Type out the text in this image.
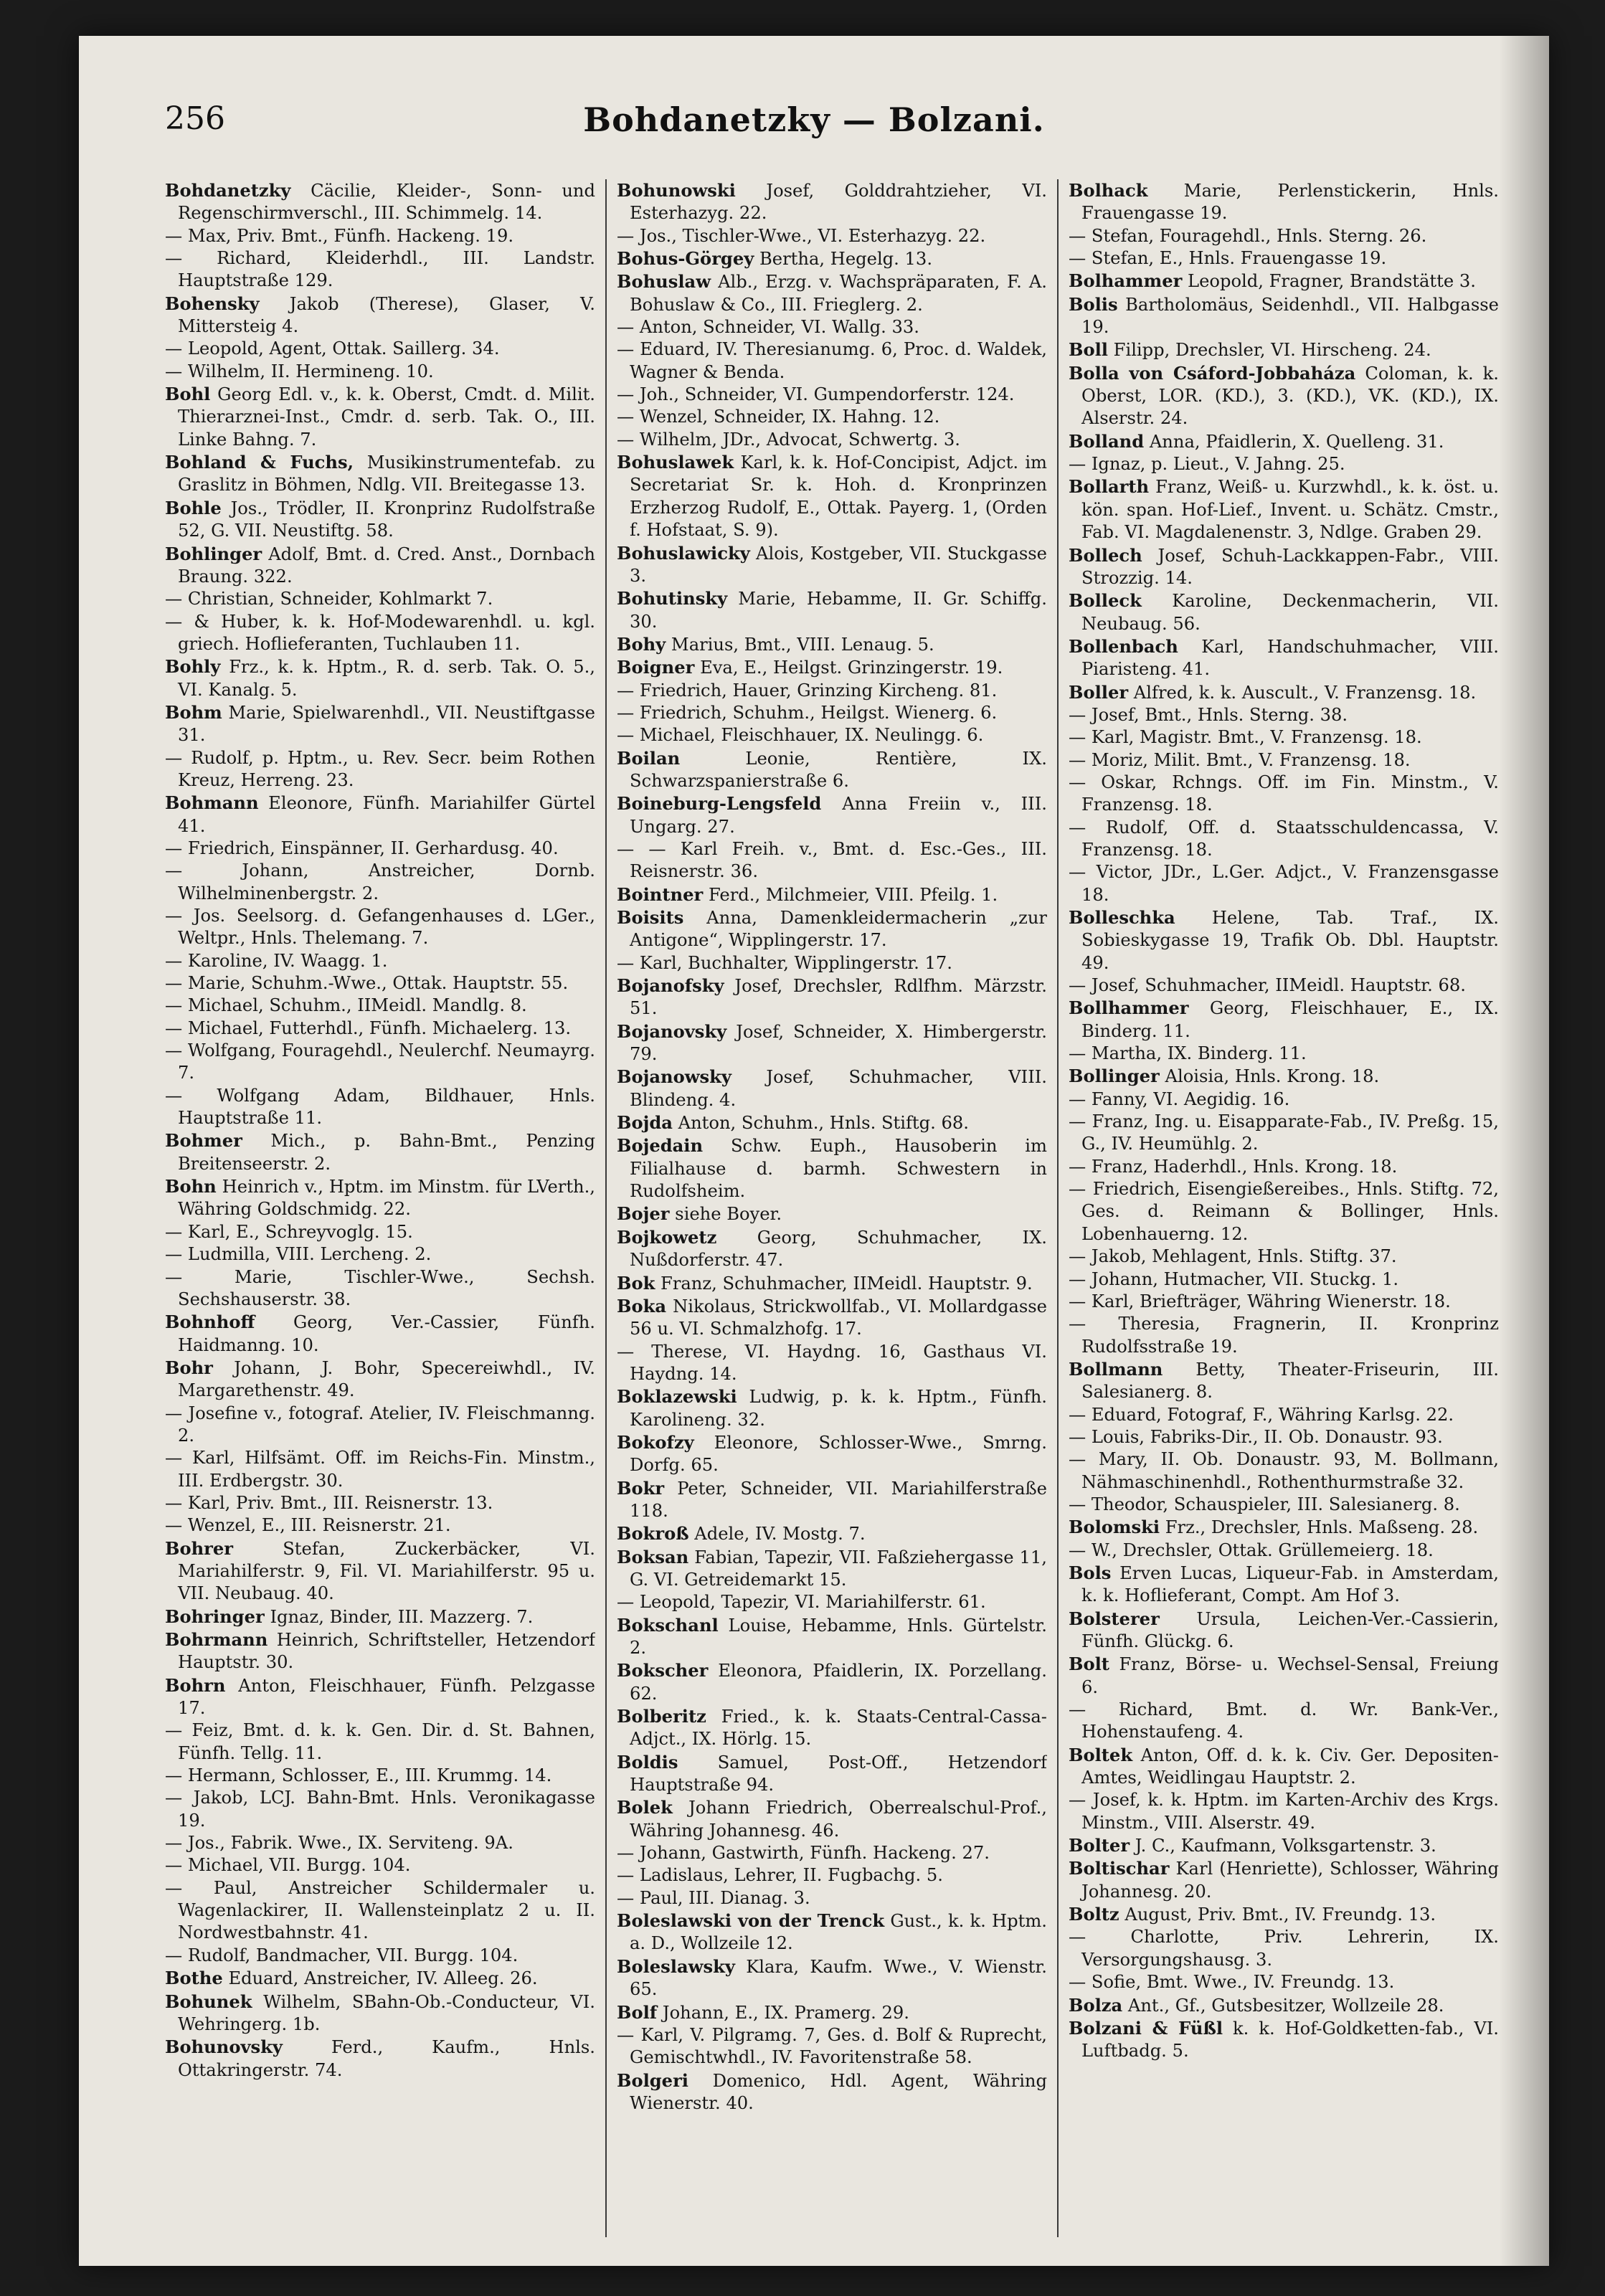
256	Bohdanetzky — Bolzani.

Bohdanetzky Cäcilie, Kleider-, Sonn- und Regenschirmverschl., III. Schimmelg. 14.

— Max, Priv. Bmt., Fünfh. Hackeng. 19.

— Richard, Kleiderhdl., III. Landstr. Hauptstraße 129.

Bohensky Jakob (Therese), Glaser, V. Mittersteig 4.

— Leopold, Agent, Ottak. Saillerg. 34.

— Wilhelm, II. Hermineng. 10.

Bohl Georg Edl. v., k. k. Oberst, Cmdt. d. Milit. Thierarznei-Inst., Cmdr. d. serb. Tak. O., III. Linke Bahng. 7.

Bohland & Fuchs, Musikinstrumentefab. zu Graslitz in Böhmen, Ndlg. VII. Breitegasse 13.

Bohle Jos., Trödler, II. Kronprinz Rudolfstraße 52, G. VII. Neustiftg. 58.

Bohlinger Adolf, Bmt. d. Cred. Anst., Dornbach Braung. 322.

— Christian, Schneider, Kohlmarkt 7.

— & Huber, k. k. Hof-Modewarenhdl. u. kgl. griech. Hoflieferanten, Tuchlauben 11.

Bohly Frz., k. k. Hptm., R. d. serb. Tak. O. 5., VI. Kanalg. 5.

Bohm Marie, Spielwarenhdl., VII. Neustiftgasse 31.

— Rudolf, p. Hptm., u. Rev. Secr. beim Rothen Kreuz, Herreng. 23.

Bohmann Eleonore, Fünfh. Mariahilfer Gürtel 41.

— Friedrich, Einspänner, II. Gerhardusg. 40.

— Johann, Anstreicher, Dornb. Wilhelminenbergstr. 2.

— Jos. Seelsorg. d. Gefangenhauses d. LGer., Weltpr., Hnls. Thelemang. 7.

— Karoline, IV. Waagg. 1.

— Marie, Schuhm.-Wwe., Ottak. Hauptstr. 55.

— Michael, Schuhm., IIMeidl. Mandlg. 8.

— Michael, Futterhdl., Fünfh. Michaelerg. 13.

— Wolfgang, Fouragehdl., Neulerchf. Neumayrg. 7.

— Wolfgang Adam, Bildhauer, Hnls. Hauptstraße 11.

Bohmer Mich., p. Bahn-Bmt., Penzing Breitenseerstr. 2.

Bohn Heinrich v., Hptm. im Minstm. für LVerth., Währing Goldschmidg. 22.

— Karl, E., Schreyvoglg. 15.

— Ludmilla, VIII. Lercheng. 2.

— Marie, Tischler-Wwe., Sechsh. Sechshauserstr. 38.

Bohnhoff Georg, Ver.-Cassier, Fünfh. Haidmanng. 10.

Bohr Johann, J. Bohr, Specereiwhdl., IV. Margarethenstr. 49.

— Josefine v., fotograf. Atelier, IV. Fleischmanng. 2.

— Karl, Hilfsämt. Off. im Reichs-Fin. Minstm., III. Erdbergstr. 30.

— Karl, Priv. Bmt., III. Reisnerstr. 13.

— Wenzel, E., III. Reisnerstr. 21.

Bohrer	Stefan, Zuckerbäcker, VI. Mariahilferstr. 9, Fil. VI. Mariahilferstr. 95 u. VII. Neubaug. 40.

Bohringer Ignaz, Binder, III. Mazzerg. 7.

Bohrmann Heinrich, Schriftsteller, Hetzendorf Hauptstr. 30.

Bohrn Anton, Fleischhauer, Fünfh. Pelzgasse 17.

— Feiz, Bmt. d. k. k. Gen. Dir. d. St. Bahnen, Fünfh. Tellg. 11.

— Hermann, Schlosser, E., III. Krummg. 14.

— Jakob, LCJ. Bahn-Bmt. Hnls. Veronikagasse 19.

— Jos., Fabrik. Wwe., IX. Serviteng. 9A.

— Michael, VII. Burgg. 104.

— Paul, Anstreicher Schildermaler u. Wagenlackirer, II. Wallensteinplatz 2 u. II. Nordwestbahnstr. 41.

— Rudolf, Bandmacher, VII. Burgg. 104.

Bothe Eduard, Anstreicher, IV. Alleeg. 26.

Bohunek Wilhelm, SBahn-Ob.-Conducteur, VI. Wehringerg. 1b.

Bohunovsky	Ferd., Kaufm., Hnls. Ottakringerstr. 74.

Bohunowski Josef, Golddrahtzieher, VI. Esterhazyg. 22.

— Jos., Tischler-Wwe., VI. Esterhazyg. 22.

Bohus-Görgey Bertha, Hegelg. 13.

Bohuslaw Alb., Erzg. v. Wachspräparaten, F. A. Bohuslaw & Co., III. Frieglerg. 2.

— Anton, Schneider, VI. Wallg. 33.

— Eduard, IV. Theresianumg. 6, Proc. d. Waldek, Wagner & Benda.

— Joh., Schneider, VI. Gumpendorferstr. 124.

— Wenzel, Schneider, IX. Hahng. 12.

— Wilhelm, JDr., Advocat, Schwertg. 3.

Bohuslawek Karl, k. k. Hof-Concipist, Adjct. im Secretariat Sr. k. Hoh. d. Kronprinzen Erzherzog Rudolf, E., Ottak. Payerg. 1, (Orden f. Hofstaat, S. 9).

Bohuslawicky Alois, Kostgeber, VII. Stuckgasse 3.

Bohutinsky Marie, Hebamme, II. Gr. Schiffg. 30.

Bohy Marius, Bmt., VIII. Lenaug. 5.

Boigner Eva, E., Heilgst. Grinzingerstr. 19.

— Friedrich, Hauer, Grinzing Kircheng. 81.

— Friedrich, Schuhm., Heilgst. Wienerg. 6.

— Michael, Fleischhauer, IX. Neulingg. 6.

Boilan	Leonie, Rentière, IX. Schwarzspanierstraße 6.

Boineburg-Lengsfeld Anna Freiin v., III. Ungarg. 27.

— — Karl Freih. v., Bmt. d. Esc.-Ges., III. Reisnerstr. 36.

Bointner Ferd., Milchmeier, VIII. Pfeilg. 1.

Boisits Anna, Damenkleidermacherin „zur Antigone“, Wipplingerstr. 17.

— Karl, Buchhalter, Wipplingerstr. 17.

Bojanofsky Josef, Drechsler, Rdlfhm. Märzstr. 51.

Bojanovsky Josef, Schneider, X. Himbergerstr. 79.

Bojanowsky Josef, Schuhmacher, VIII. Blindeng. 4.

Bojda Anton, Schuhm., Hnls. Stiftg. 68.

Bojedain Schw. Euph., Hausoberin im Filialhause d. barmh. Schwestern in Rudolfsheim.

Bojer siehe Boyer.

Bojkowetz Georg, Schuhmacher, IX. Nußdorferstr. 47.

Bok Franz, Schuhmacher, IIMeidl. Hauptstr. 9.

Boka Nikolaus, Strickwollfab., VI. Mollardgasse 56 u. VI. Schmalzhofg. 17.

— Therese, VI. Haydng. 16, Gasthaus VI. Haydng. 14.

Boklazewski Ludwig, p. k. k. Hptm., Fünfh. Karolineng. 32.

Bokofzy Eleonore, Schlosser-Wwe., Smrng. Dorfg. 65.

Bokr Peter, Schneider, VII. Mariahilferstraße 118.

Bokroß Adele, IV. Mostg. 7.

Boksan Fabian, Tapezir, VII. Faßziehergasse 11, G. VI. Getreidemarkt 15.

— Leopold, Tapezir, VI. Mariahilferstr. 61.

Bokschanl Louise, Hebamme, Hnls. Gürtelstr. 2.

Bokscher Eleonora, Pfaidlerin, IX. Porzellang. 62.

Bolberitz Fried., k. k. Staats-Central-Cassa-Adjct., IX. Hörlg. 15.

Boldis Samuel, Post-Off., Hetzendorf Hauptstraße 94.

Bolek Johann Friedrich, Oberrealschul-Prof., Währing Johannesg. 46.

— Johann, Gastwirth, Fünfh. Hackeng. 27.

— Ladislaus, Lehrer, II. Fugbachg. 5.

— Paul, III. Dianag. 3.

Boleslawski von der Trenck Gust., k. k. Hptm. a. D., Wollzeile 12.

Boleslawsky Klara, Kaufm. Wwe., V. Wienstr. 65.

Bolf Johann, E., IX. Pramerg. 29.

— Karl, V. Pilgramg. 7, Ges. d. Bolf & Ruprecht, Gemischtwhdl., IV. Favoritenstraße 58.

Bolgeri Domenico, Hdl. Agent, Währing Wienerstr. 40.

Bolhack Marie, Perlenstickerin, Hnls. Frauengasse 19.

— Stefan, Fouragehdl., Hnls. Sterng. 26.

— Stefan, E., Hnls. Frauengasse 19.

Bolhammer Leopold, Fragner, Brandstätte 3.

Bolis Bartholomäus, Seidenhdl., VII. Halbgasse 19.

Boll Filipp, Drechsler, VI. Hirscheng. 24.

Bolla von Csáford-Jobbaháza Coloman, k. k. Oberst, LOR. (KD.), 3. (KD.), VK. (KD.), IX. Alserstr. 24.

Bolland Anna, Pfaidlerin, X. Quelleng. 31.

— Ignaz, p. Lieut., V. Jahng. 25.

Bollarth Franz, Weiß- u. Kurzwhdl., k. k. öst. u. kön. span. Hof-Lief., Invent. u. Schätz. Cmstr., Fab. VI. Magdalenenstr. 3, Ndlge. Graben 29.

Bollech Josef, Schuh-Lackkappen-Fabr., VIII. Strozzig. 14.

Bolleck Karoline, Deckenmacherin, VII. Neubaug. 56.

Bollenbach Karl, Handschuhmacher, VIII. Piaristeng. 41.

Boller Alfred, k. k. Auscult., V. Franzensg. 18.

— Josef, Bmt., Hnls. Sterng. 38.

— Karl, Magistr. Bmt., V. Franzensg. 18.

— Moriz, Milit. Bmt., V. Franzensg. 18.

— Oskar, Rchngs. Off. im Fin. Minstm., V. Franzensg. 18.

— Rudolf, Off. d. Staatsschuldencassa, V. Franzensg. 18.

— Victor, JDr., L.Ger. Adjct., V. Franzensgasse 18.

Bolleschka Helene, Tab. Traf., IX. Sobieskygasse 19, Trafik Ob. Dbl. Hauptstr. 49.

— Josef, Schuhmacher, IIMeidl. Hauptstr. 68.

Bollhammer Georg, Fleischhauer, E., IX. Binderg. 11.

— Martha, IX. Binderg. 11.

Bollinger Aloisia, Hnls. Krong. 18.

— Fanny, VI. Aegidig. 16.

— Franz, Ing. u. Eisapparate-Fab., IV. Preßg. 15, G., IV. Heumühlg. 2.

— Franz, Haderhdl., Hnls. Krong. 18.

— Friedrich, Eisengießereibes., Hnls. Stiftg. 72, Ges. d. Reimann & Bollinger, Hnls. Lobenhauerng. 12.

— Jakob, Mehlagent, Hnls. Stiftg. 37.

— Johann, Hutmacher, VII. Stuckg. 1.

— Karl, Briefträger, Währing Wienerstr. 18.

— Theresia, Fragnerin, II. Kronprinz Rudolfsstraße 19.

Bollmann Betty, Theater-Friseurin, III. Salesianerg. 8.

— Eduard, Fotograf, F., Währing Karlsg. 22.

— Louis, Fabriks-Dir., II. Ob. Donaustr. 93.

— Mary, II. Ob. Donaustr. 93, M. Bollmann, Nähmaschinenhdl., Rothenthurmstraße 32.

— Theodor, Schauspieler, III. Salesianerg. 8.

Bolomski Frz., Drechsler, Hnls. Maßseng. 28.

— W., Drechsler, Ottak. Grüllemeierg. 18.

Bols Erven Lucas, Liqueur-Fab. in Amsterdam, k. k. Hoflieferant, Compt. Am Hof 3.

Bolsterer Ursula, Leichen-Ver.-Cassierin, Fünfh. Glückg. 6.

Bolt Franz, Börse- u. Wechsel-Sensal, Freiung 6.

— Richard, Bmt. d. Wr. Bank-Ver., Hohenstaufeng. 4.

Boltek Anton, Off. d. k. k. Civ. Ger. Depositen-Amtes, Weidlingau Hauptstr. 2.

— Josef, k. k. Hptm. im Karten-Archiv des Krgs. Minstm., VIII. Alserstr. 49.

Bolter J. C., Kaufmann, Volksgartenstr. 3.

Boltischar Karl (Henriette), Schlosser, Währing Johannesg. 20.

Boltz August, Priv. Bmt., IV. Freundg. 13.

— Charlotte, Priv. Lehrerin, IX. Versorgungshausg. 3.

— Sofie, Bmt. Wwe., IV. Freundg. 13.

Bolza Ant., Gf., Gutsbesitzer, Wollzeile 28.

Bolzani & Füßl k. k. Hof-Goldketten-fab., VI. Luftbadg. 5.
